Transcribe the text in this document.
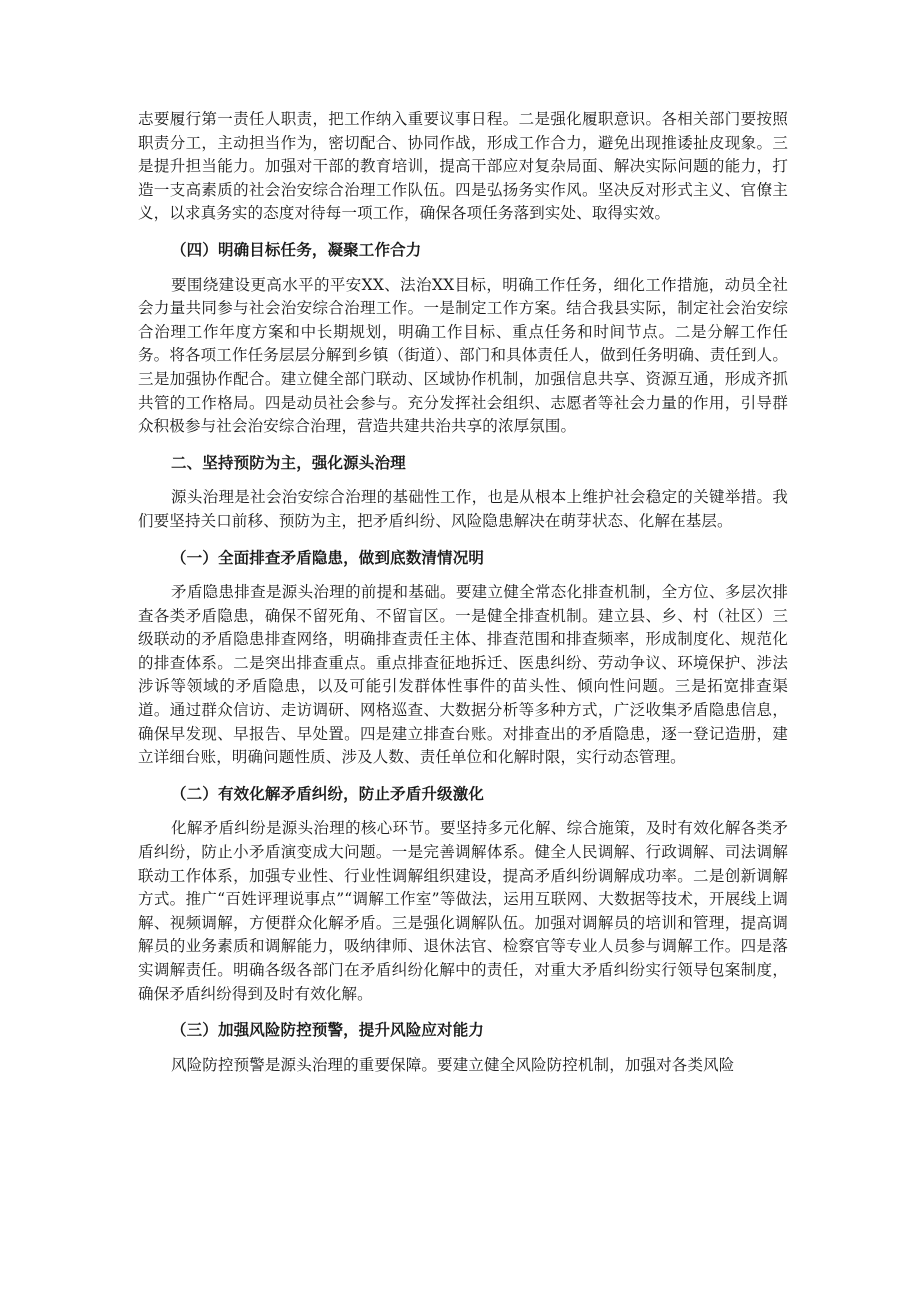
志要履行第一责任人职责，把工作纳入重要议事日程。二是强化履职意识。各相关部门要按照职责分工，主动担当作为，密切配合、协同作战，形成工作合力，避免出现推诿扯皮现象。三是提升担当能力。加强对干部的教育培训，提高干部应对复杂局面、解决实际问题的能力，打造一支高素质的社会治安综合治理工作队伍。四是弘扬务实作风。坚决反对形式主义、官僚主义，以求真务实的态度对待每一项工作，确保各项任务落到实处、取得实效。

（四）明确目标任务，凝聚工作合力

要围绕建设更高水平的平安XX、法治XX目标，明确工作任务，细化工作措施，动员全社会力量共同参与社会治安综合治理工作。一是制定工作方案。结合我县实际，制定社会治安综合治理工作年度方案和中长期规划，明确工作目标、重点任务和时间节点。二是分解工作任务。将各项工作任务层层分解到乡镇（街道）、部门和具体责任人，做到任务明确、责任到人。三是加强协作配合。建立健全部门联动、区域协作机制，加强信息共享、资源互通，形成齐抓共管的工作格局。四是动员社会参与。充分发挥社会组织、志愿者等社会力量的作用，引导群众积极参与社会治安综合治理，营造共建共治共享的浓厚氛围。

二、坚持预防为主，强化源头治理

源头治理是社会治安综合治理的基础性工作，也是从根本上维护社会稳定的关键举措。我们要坚持关口前移、预防为主，把矛盾纠纷、风险隐患解决在萌芽状态、化解在基层。

（一）全面排查矛盾隐患，做到底数清情况明

矛盾隐患排查是源头治理的前提和基础。要建立健全常态化排查机制，全方位、多层次排查各类矛盾隐患，确保不留死角、不留盲区。一是健全排查机制。建立县、乡、村（社区）三级联动的矛盾隐患排查网络，明确排查责任主体、排查范围和排查频率，形成制度化、规范化的排查体系。二是突出排查重点。重点排查征地拆迁、医患纠纷、劳动争议、环境保护、涉法涉诉等领域的矛盾隐患，以及可能引发群体性事件的苗头性、倾向性问题。三是拓宽排查渠道。通过群众信访、走访调研、网格巡查、大数据分析等多种方式，广泛收集矛盾隐患信息，确保早发现、早报告、早处置。四是建立排查台账。对排查出的矛盾隐患，逐一登记造册，建立详细台账，明确问题性质、涉及人数、责任单位和化解时限，实行动态管理。

（二）有效化解矛盾纠纷，防止矛盾升级激化

化解矛盾纠纷是源头治理的核心环节。要坚持多元化解、综合施策，及时有效化解各类矛盾纠纷，防止小矛盾演变成大问题。一是完善调解体系。健全人民调解、行政调解、司法调解联动工作体系，加强专业性、行业性调解组织建设，提高矛盾纠纷调解成功率。二是创新调解方式。推广“百姓评理说事点”“调解工作室”等做法，运用互联网、大数据等技术，开展线上调解、视频调解，方便群众化解矛盾。三是强化调解队伍。加强对调解员的培训和管理，提高调解员的业务素质和调解能力，吸纳律师、退休法官、检察官等专业人员参与调解工作。四是落实调解责任。明确各级各部门在矛盾纠纷化解中的责任，对重大矛盾纠纷实行领导包案制度，确保矛盾纠纷得到及时有效化解。

（三）加强风险防控预警，提升风险应对能力

风险防控预警是源头治理的重要保障。要建立健全风险防控机制，加强对各类风险
